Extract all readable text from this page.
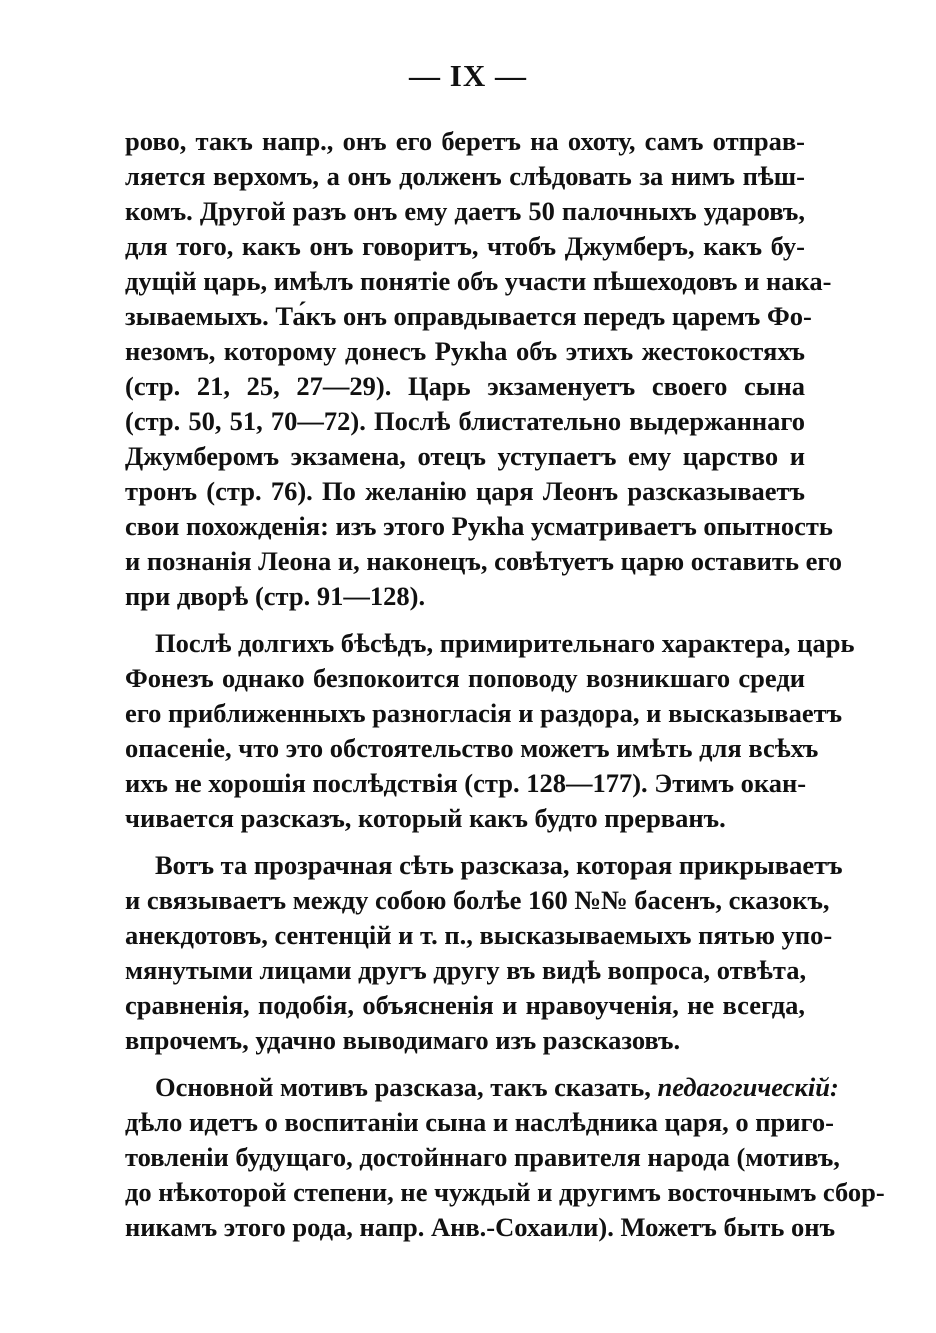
— IX —
рово, такъ напр., онъ его беретъ на охоту, самъ отправ-
ляется верхомъ, а онъ долженъ слѣдовать за нимъ пѣш-
комъ. Другой разъ онъ ему даетъ 50 палочныхъ ударовъ,
для того, какъ онъ говоритъ, чтобъ Джумберъ, какъ бу-
дущій царь, имѣлъ понятіе объ участи пѣшеходовъ и нака-
зываемыхъ. Та́къ онъ оправдывается передъ царемъ Фо-
незомъ, которому донесъ Рукһа объ этихъ жестокостяхъ
(стр. 21, 25, 27—29). Царь экзаменуетъ своего сына
(стр. 50, 51, 70—72). Послѣ блистательно выдержаннаго
Джумберомъ экзамена, отецъ уступаетъ ему царство и
тронъ (стр. 76). По желанію царя Леонъ разсказываетъ
свои похожденія: изъ этого Рукһа усматриваетъ опытность
и познанія Леона и, наконецъ, совѣтуетъ царю оставить его
при дворѣ (стр. 91—128).
Послѣ долгихъ бѣсѣдъ, примирительнаго характера, царь
Фонезъ однако безпокоится поповоду возникшаго среди
его приближенныхъ разногласія и раздора, и высказываетъ
опасеніе, что это обстоятельство можетъ имѣть для всѣхъ
ихъ не хорошія послѣдствія (стр. 128—177). Этимъ окан-
чивается разсказъ, который какъ будто прерванъ.
Вотъ та прозрачная сѣть разсказа, которая прикрываетъ
и связываетъ между собою болѣе 160 №№ басенъ, сказокъ,
анекдотовъ, сентенцій и т. п., высказываемыхъ пятью упо-
мянутыми лицами другъ другу въ видѣ вопроса, отвѣта,
сравненія, подобія, объясненія и нравоученія, не всегда,
впрочемъ, удачно выводимаго изъ разсказовъ.
Основной мотивъ разсказа, такъ сказать, педагогическій:
дѣло идетъ о воспитаніи сына и наслѣдника царя, о приго-
товленіи будущаго, достойннаго правителя народа (мотивъ,
до нѣкоторой степени, не чуждый и другимъ восточнымъ сбор-
никамъ этого рода, напр. Анв.-Сохаили). Можетъ быть онъ
